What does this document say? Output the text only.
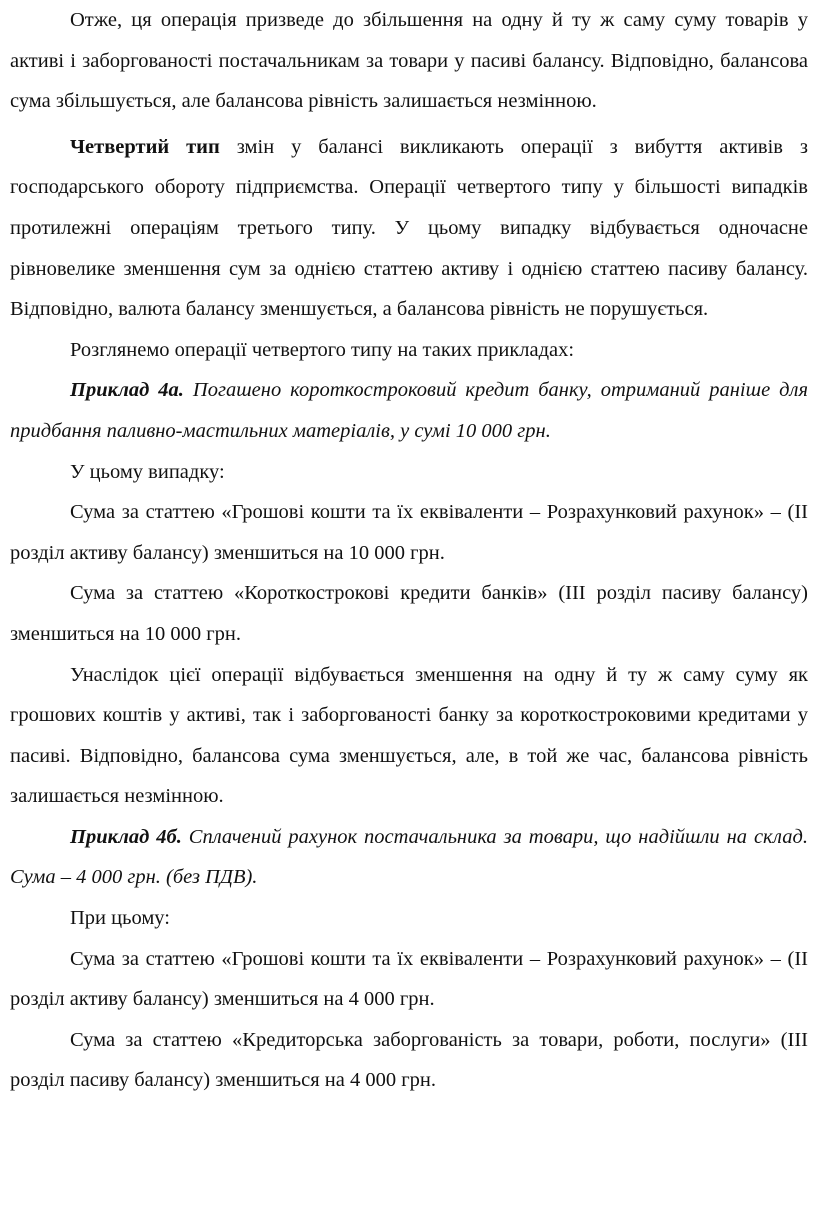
Отже, ця операція призведе до збільшення на одну й ту ж саму суму товарів у активі і заборгованості постачальникам за товари у пасиві балансу. Відповідно, балансова сума збільшується, але балансова рівність залишається незмінною.

Четвертий тип змін у балансі викликають операції з вибуття активів з господарського обороту підприємства. Операції четвертого типу у більшості випадків протилежні операціям третього типу. У цьому випадку відбувається одночасне рівновелике зменшення сум за однією статтею активу і однією статтею пасиву балансу. Відповідно, валюта балансу зменшується, а балансова рівність не порушується.

Розглянемо операції четвертого типу на таких прикладах:

Приклад 4а. Погашено короткостроковий кредит банку, отриманий раніше для придбання паливно-мастильних матеріалів, у сумі 10 000 грн.

У цьому випадку:

Сума за статтею «Грошові кошти та їх еквіваленти – Розрахунковий рахунок» – (ІІ розділ активу балансу) зменшиться на 10 000 грн.

Сума за статтею «Короткострокові кредити банків» (ІІІ розділ пасиву балансу) зменшиться на 10 000 грн.

Унаслідок цієї операції відбувається зменшення на одну й ту ж саму суму як грошових коштів у активі, так і заборгованості банку за короткостроковими кредитами у пасиві. Відповідно, балансова сума зменшується, але, в той же час, балансова рівність залишається незмінною.

Приклад 4б. Сплачений рахунок постачальника за товари, що надійшли на склад. Сума – 4 000 грн. (без ПДВ).

При цьому:

Сума за статтею «Грошові кошти та їх еквіваленти – Розрахунковий рахунок» – (ІІ розділ активу балансу) зменшиться на 4 000 грн.

Сума за статтею «Кредиторська заборгованість за товари, роботи, послуги» (ІІІ розділ пасиву балансу) зменшиться на 4 000 грн.
